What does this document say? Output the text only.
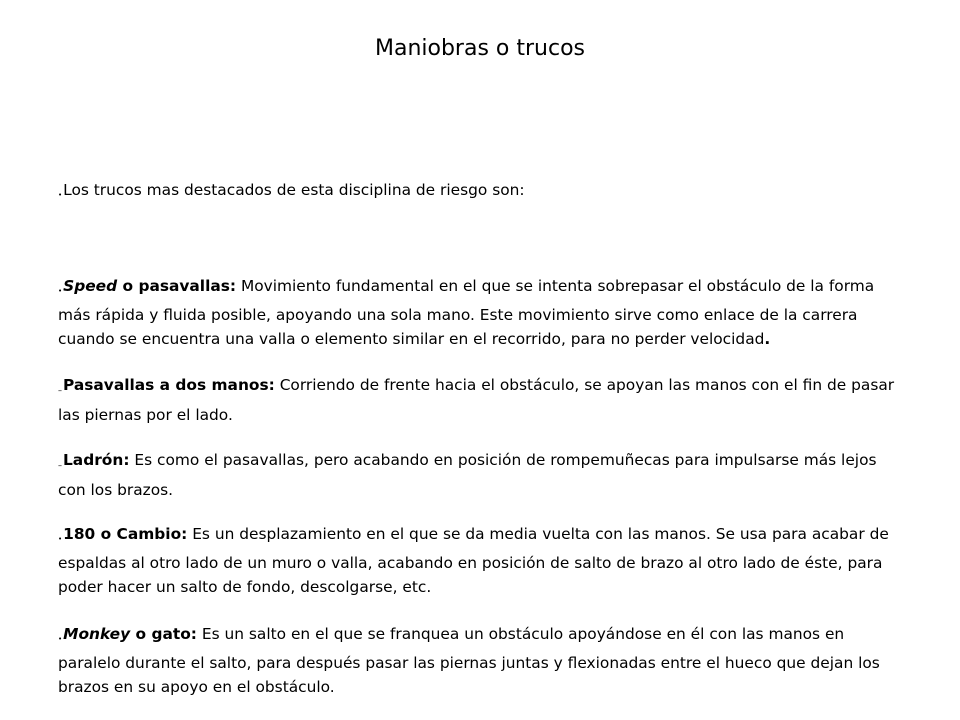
Maniobras o trucos

•Los trucos mas destacados de esta disciplina de riesgo son:

•Speed o pasavallas: Movimiento fundamental en el que se intenta sobrepasar el obstáculo de la forma más rápida y fluida posible, apoyando una sola mano. Este movimiento sirve como enlace de la carrera cuando se encuentra una valla o elemento similar en el recorrido, para no perder velocidad.

–Pasavallas a dos manos: Corriendo de frente hacia el obstáculo, se apoyan las manos con el fin de pasar las piernas por el lado.

–Ladrón: Es como el pasavallas, pero acabando en posición de rompemuñecas para impulsarse más lejos con los brazos.

•180 o Cambio: Es un desplazamiento en el que se da media vuelta con las manos. Se usa para acabar de espaldas al otro lado de un muro o valla, acabando en posición de salto de brazo al otro lado de éste, para poder hacer un salto de fondo, descolgarse, etc.

•Monkey o gato: Es un salto en el que se franquea un obstáculo apoyándose en él con las manos en paralelo durante el salto, para después pasar las piernas juntas y flexionadas entre el hueco que dejan los brazos en su apoyo en el obstáculo.
